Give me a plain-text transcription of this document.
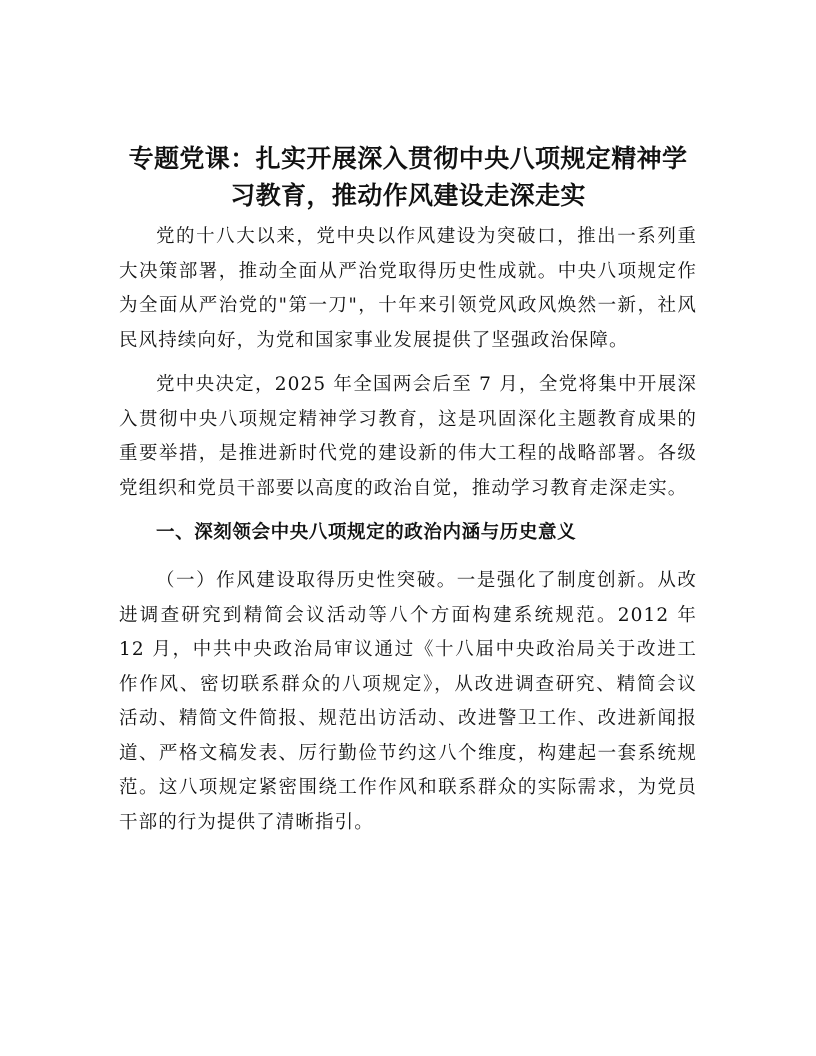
专题党课：扎实开展深入贯彻中央八项规定精神学习教育，推动作风建设走深走实

党的十八大以来，党中央以作风建设为突破口，推出一系列重大决策部署，推动全面从严治党取得历史性成就。中央八项规定作为全面从严治党的"第一刀"，十年来引领党风政风焕然一新，社风民风持续向好，为党和国家事业发展提供了坚强政治保障。

党中央决定，2025 年全国两会后至 7 月，全党将集中开展深入贯彻中央八项规定精神学习教育，这是巩固深化主题教育成果的重要举措，是推进新时代党的建设新的伟大工程的战略部署。各级党组织和党员干部要以高度的政治自觉，推动学习教育走深走实。

一、深刻领会中央八项规定的政治内涵与历史意义

（一）作风建设取得历史性突破。一是强化了制度创新。从改进调查研究到精简会议活动等八个方面构建系统规范。2012 年 12 月，中共中央政治局审议通过《十八届中央政治局关于改进工作作风、密切联系群众的八项规定》，从改进调查研究、精简会议活动、精简文件简报、规范出访活动、改进警卫工作、改进新闻报道、严格文稿发表、厉行勤俭节约这八个维度，构建起一套系统规范。这八项规定紧密围绕工作作风和联系群众的实际需求，为党员干部的行为提供了清晰指引。
